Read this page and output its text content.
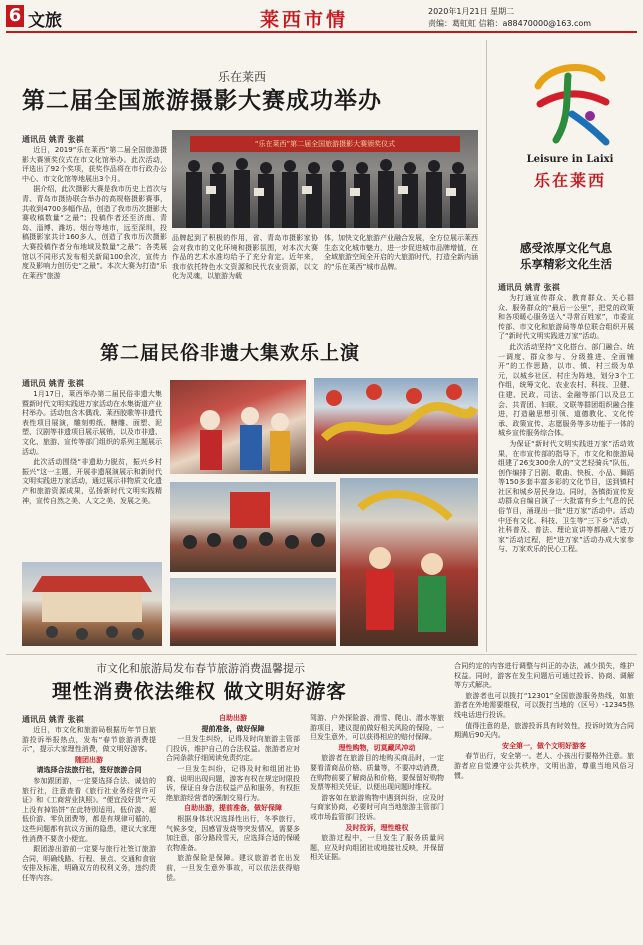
6 文旅	莱西市情	2020年1月21日 星期二
责编：葛虹虹 信箱：a88470000@163.com
乐在莱西
第二届全国旅游摄影大赛成功举办
通讯员 姚青 张祺

近日，2019“乐在莱西”第二届全国旅游摄影大赛颁奖仪式在市文化馆举办。此次活动，评选出了92个奖项，获奖作品将在市行政办公中心、市文化馆等地展出3个月。

据介绍，此次摄影大赛是我市历史上首次与青、青岛市摄协联合举办的高规格摄影赛事，共收到4700多幅作品，创造了我市历次摄影大赛收稿数量“之最”；投稿作者还至济南、青岛、淄博、潍坊、烟台等地市，远至深圳，投稿摄影家共计160多人，创造了我市历次摄影大赛投稿作者分布地域及数量“之最”；各类展馆以不同形式发布相关新闻100余次，宣传力度及影响力创历史“之最”。本次大赛为打造“乐在莱西”旅游

“乐在莱西”第二届全国旅游摄影大赛颁奖仪式

品牌起到了积极的作用，省、青岛市摄影家协会对我市的文化环境和摄影氛围，对本次大赛作品的艺术水准均给予了充分肯定。近年来，我市依托特色水文资源和民代农业资源，以文化为灵魂，以旅游为载

体，加快文化旅游产业融合发展，全方位展示莱西生态文化城市魅力，进一步促进城市品牌增值，在全域旅游空间全开启的大旅游时代，打造全新内涵的“乐在莱西”城市品牌。

Leisure in Laixi
乐在莱西
感受浓厚文化气息
乐享精彩文化生活
通讯员 姚青 张祺

为打通宣传群众、教育群众、关心群众、服务群众的“最后一公里”，把党的政策和各项暖心服务送入“寻常百姓家”，市委宣传部、市文化和旅游局等单位联合组织开展了“新时代文明实践进万家”活动。

此次活动坚持“文化搭台、部门融合、统一调度、群众参与、分级推进、全面铺开”的工作思路，以市、镇、村三级为单元，以城乡社区、村庄为阵地，划分3个工作组，统筹文化、农业农村、科技、卫健、住建、民政、司法、金融等部门以及总工会、共青团、妇联、文联等群团组织融合推进，打造融思想引领、道德教化、文化传承、政策宣传、志愿服务等多功能于一体的城乡宣传服务综合体。

为保证“新时代文明实践进万家”活动效果，在市宣传部的指导下，市文化和旅游局组建了26支300余人的“文艺轻骑兵”队伍，创作编排了吕剧、歌曲、快板、小品、舞蹈等150多套丰富多彩的文化节目，送到镇村社区和城乡居民身边。同时，各镇街宣传发动群众自编自演了一大批富有乡土气息的民俗节目，涌现出一批“进万家”活动中。活动中还有文化、科技、卫生等“三下乡”活动，社科普及、普法、理论宣讲等都融入“进万家”活动过程，把“进万家”活动办成大家参与、万家欢乐的民心工程。

第二届民俗非遗大集欢乐上演
通讯员 姚青 张祺

1月17日，莱西举办第二届民俗非遗大集暨新时代文明实践进万家活动在水集街道产业村举办。活动包含木偶戏、莱西胶歌等非遗代表性项目展演，雕刻剪纸、糖雕、面塑、泥塑、汉剧等非遗项目展示展销，以及市非遗、文化、旅游、宣传等部门组织的系列主题展示活动。

此次活动围绕“非遗助力脱贫，振兴乡村振兴”这一主题，开展非遗展演展示和新时代文明实践进万家活动，通过展示非物质文化遗产和旅游资源成果，弘扬新时代文明实践精神，宣传自然之美、人文之美、发展之美。

市文化和旅游局发布春节旅游消费温馨提示
理性消费依法维权 做文明好游客
通讯员 姚青 张祺

近日，市文化和旅游局根据历年节日旅游投诉举报热点，发布“春节旅游消费提示”，提示大家理性消费，做文明好游客。

随团出游

请选择合法旅行社，签好旅游合同

参加跟团游，一定要选择合法、诚信的旅行社，注意查看《旅行社业务经营许可证》和《工商营业执照》。“便宜没好货”“天上没有掉馅饼”在此特别适用。低价游、超低价游、零负团费等，都是有规律可循的，这些问题都有抗议方面的隐患，建议大家理性消费不要贪小便宜。

跟团游出游前一定要与旅行社签订旅游合同，明确线路、行程、景点、交通和食宿安排及标准，明确双方的权利义务，违约责任等内容。

自助出游

提前准备，做好保障

一旦发生纠纷，记得及时向旅游主管部门投诉，维护自己的合法权益。旅游者应对合同条款仔细阅读免责约定。

一旦发生纠纷，记得及时和组团社协商、说明出现问题，游客有权在规定时限投诉，保证自身合法权益产品和服务，有权拒绝旅游经营者的强制交易行为。

自助出游，提前准备，做好保障

根据身体状况选择性出行，冬季旅行，气候多变，因感冒发烧等突发情况，需要多加注意，部分路段雪天，应选择合适的保暖衣物准备。

旅游保险是保障。建议旅游者在出发前，一旦发生意外事故，可以依法获得赔偿。

驾游、户外探险游、滑雪、爬山、潜水等旅游项目，建议提前做好相关风险的保险，一旦发生意外，可以获得相应的赔付保障。

理性购物，切莫藏风冲动

旅游者在旅游目的地购买商品时，一定要看清商品价格、质量等，不要冲动消费，在购物前要了解商品和价格，要保留好购物发票等相关凭证，以便出现问题时维权。

游客如在旅游购物中遇到纠纷，应及时与商家协商，必要时可向当地旅游主管部门或市场监管部门投诉。

及时投诉，理性维权

旅游过程中，一旦发生了服务质量问题，应及时向组团社或地接社反映，并保留相关证据。

合同约定的内容进行调整与纠正的办法，减少损失，维护权益。同时，游客在发生问题后可通过投诉、协商、调解等方式解决。

旅游者也可以拨打“12301”全国旅游服务热线，如旅游者在外地需要维权，可以拨打当地的（区号）-12345热线电话进行投诉。

值得注意的是，旅游投诉具有时效性，投诉时效为合同期满后90天内。

安全第一，做个文明好游客

春节出行，安全第一。老人、小孩出行要格外注意。旅游者应自觉遵守公共秩序，文明出游，尊重当地风俗习惯。
